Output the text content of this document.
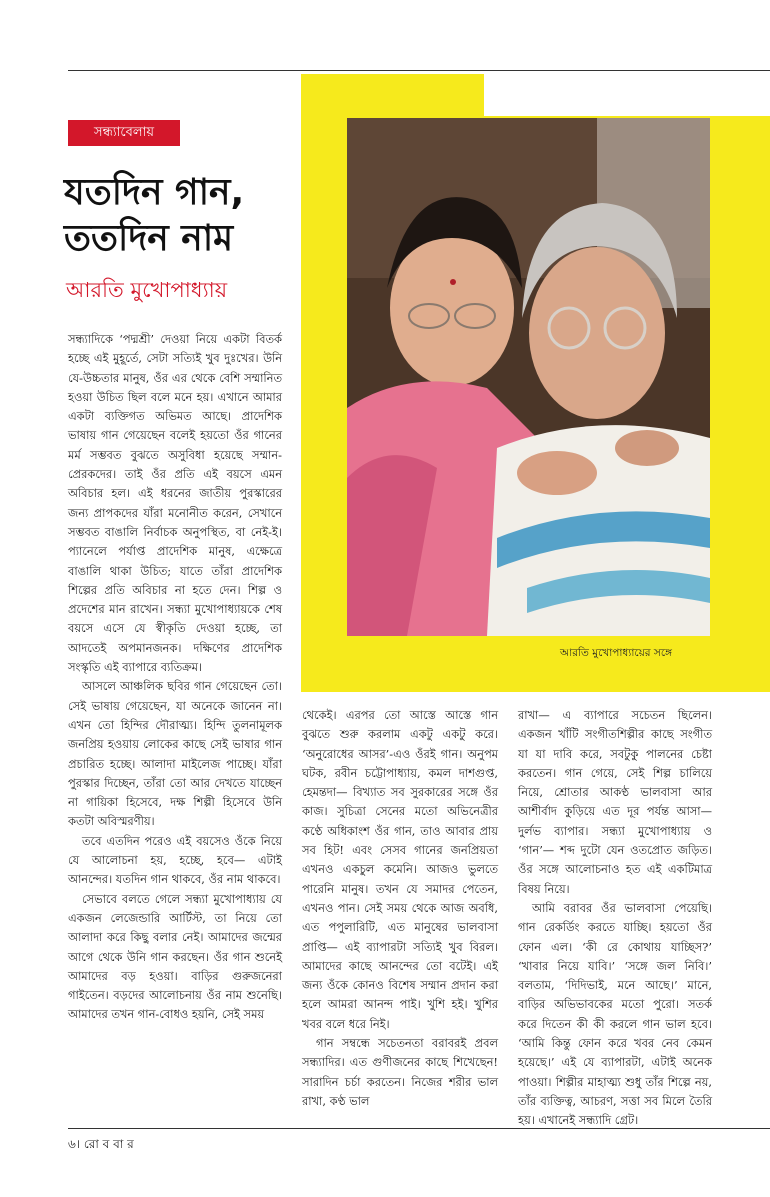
আরতি মুখোপাধ্যায়ের সঙ্গে
সন্ধ্যাবেলায়
যতদিন গান,
ততদিন নাম
আরতি মুখোপাধ্যায়

সন্ধ্যাদিকে ‘পদ্মশ্রী’ দেওয়া নিয়ে একটা বিতর্ক হচ্ছে এই মুহূর্তে, সেটা সত্যিই খুব দুঃখের। উনি যে-উচ্চতার মানুষ, ওঁর এর থেকে বেশি সম্মানিত হওয়া উচিত ছিল বলে মনে হয়। এখানে আমার একটা ব্যক্তিগত অভিমত আছে। প্রাদেশিক ভাষায় গান গেয়েছেন বলেই হয়তো ওঁর গানের মর্ম সম্ভবত বুঝতে অসুবিধা হয়েছে সম্মান-প্রেরকদের। তাই ওঁর প্রতি এই বয়সে এমন অবিচার হল। এই ধরনের জাতীয় পুরস্কারের জন্য প্রাপকদের যাঁরা মনোনীত করেন, সেখানে সম্ভবত বাঙালি নির্বাচক অনুপস্থিত, বা নেই-ই। প্যানেলে পর্যাপ্ত প্রাদেশিক মানুষ, এক্ষেত্রে বাঙালি থাকা উচিত; যাতে তাঁরা প্রাদেশিক শিল্পের প্রতি অবিচার না হতে দেন। শিল্প ও প্রদেশের মান রাখেন। সন্ধ্যা মুখোপাধ্যায়কে শেষ বয়সে এসে যে স্বীকৃতি দেওয়া হচ্ছে, তা আদতেই অপমানজনক। দক্ষিণের প্রাদেশিক সংস্কৃতি এই ব্যাপারে ব্যতিক্রম।

আসলে আঞ্চলিক ছবির গান গেয়েছেন তো। সেই ভাষায় গেয়েছেন, যা অনেকে জানেন না। এখন তো হিন্দির দৌরাত্ম্য। হিন্দি তুলনামূলক জনপ্রিয় হওয়ায় লোকের কাছে সেই ভাষার গান প্রচারিত হচ্ছে। আলাদা মাইলেজ পাচ্ছে। যাঁরা পুরস্কার দিচ্ছেন, তাঁরা তো আর দেখতে যাচ্ছেন না গায়িকা হিসেবে, দক্ষ শিল্পী হিসেবে উনি কতটা অবিস্মরণীয়।

তবে এতদিন পরেও এই বয়সেও ওঁকে নিয়ে যে আলোচনা হয়, হচ্ছে, হবে— এটাই আনন্দের। যতদিন গান থাকবে, ওঁর নাম থাকবে।

সেভাবে বলতে গেলে সন্ধ্যা মুখোপাধ্যায় যে একজন লেজেন্ডারি আর্টিস্ট, তা নিয়ে তো আলাদা করে কিছু বলার নেই। আমাদের জন্মের আগে থেকে উনি গান করছেন। ওঁর গান শুনেই আমাদের বড় হওয়া। বাড়ির গুরুজনেরা গাইতেন। বড়দের আলোচনায় ওঁর নাম শুনেছি। আমাদের তখন গান-বোধও হয়নি, সেই সময়

থেকেই। এরপর তো আস্তে আস্তে গান বুঝতে শুরু করলাম একটু একটু করে। ‘অনুরোধের আসর’-এও ওঁরই গান। অনুপম ঘটক, রবীন চট্টোপাধ্যায়, কমল দাশগুপ্ত, হেমন্তদা— বিখ্যাত সব সুরকারের সঙ্গে ওঁর কাজ। সুচিত্রা সেনের মতো অভিনেত্রীর কণ্ঠে অধিকাংশ ওঁর গান, তাও আবার প্রায় সব হিট! এবং সেসব গানের জনপ্রিয়তা এখনও একচুল কমেনি। আজও ভুলতে পারেনি মানুষ। তখন যে সমাদর পেতেন, এখনও পান। সেই সময় থেকে আজ অবধি, এত পপুলারিটি, এত মানুষের ভালবাসা প্রাপ্তি— এই ব্যাপারটা সত্যিই খুব বিরল। আমাদের কাছে আনন্দের তো বটেই। এই জন্য ওঁকে কোনও বিশেষ সম্মান প্রদান করা হলে আমরা আনন্দ পাই। খুশি হই। খুশির খবর বলে ধরে নিই।

গান সম্বন্ধে সচেতনতা বরাবরই প্রবল সন্ধ্যাদির। এত গুণীজনের কাছে শিখেছেন! সারাদিন চর্চা করতেন। নিজের শরীর ভাল রাখা, কণ্ঠ ভাল

রাখা— এ ব্যাপারে সচেতন ছিলেন। একজন খাঁটি সংগীতশিল্পীর কাছে সংগীত যা যা দাবি করে, সবটুকু পালনের চেষ্টা করতেন। গান গেয়ে, সেই শিল্প চালিয়ে নিয়ে, শ্রোতার আকণ্ঠ ভালবাসা আর আশীর্বাদ কুড়িয়ে এত দূর পর্যন্ত আসা— দুর্লভ ব্যাপার। সন্ধ্যা মুখোপাধ্যায় ও ‘গান’— শব্দ দুটো যেন ওতপ্রোত জড়িত। ওঁর সঙ্গে আলোচনাও হত এই একটিমাত্র বিষয় নিয়ে।

আমি বরাবর ওঁর ভালবাসা পেয়েছি। গান রেকর্ডিং করতে যাচ্ছি। হয়তো ওঁর ফোন এল। ‘কী রে কোথায় যাচ্ছিস?’ ‘খাবার নিয়ে যাবি।’ ‘সঙ্গে জল নিবি।’ বলতাম, ‘দিদিভাই, মনে আছে।’ মানে, বাড়ির অভিভাবকের মতো পুরো। সতর্ক করে দিতেন কী কী করলে গান ভাল হবে। ‘আমি কিন্তু ফোন করে খবর নেব কেমন হয়েছে।’ এই যে ব্যাপারটা, এটাই অনেক পাওয়া। শিল্পীর মাহাত্ম্য শুধু তাঁর শিল্পে নয়, তাঁর ব্যক্তিত্ব, আচরণ, সত্তা সব মিলে তৈরি হয়। এখানেই সন্ধ্যাদি গ্রেট।

৬। রো ব বা র
